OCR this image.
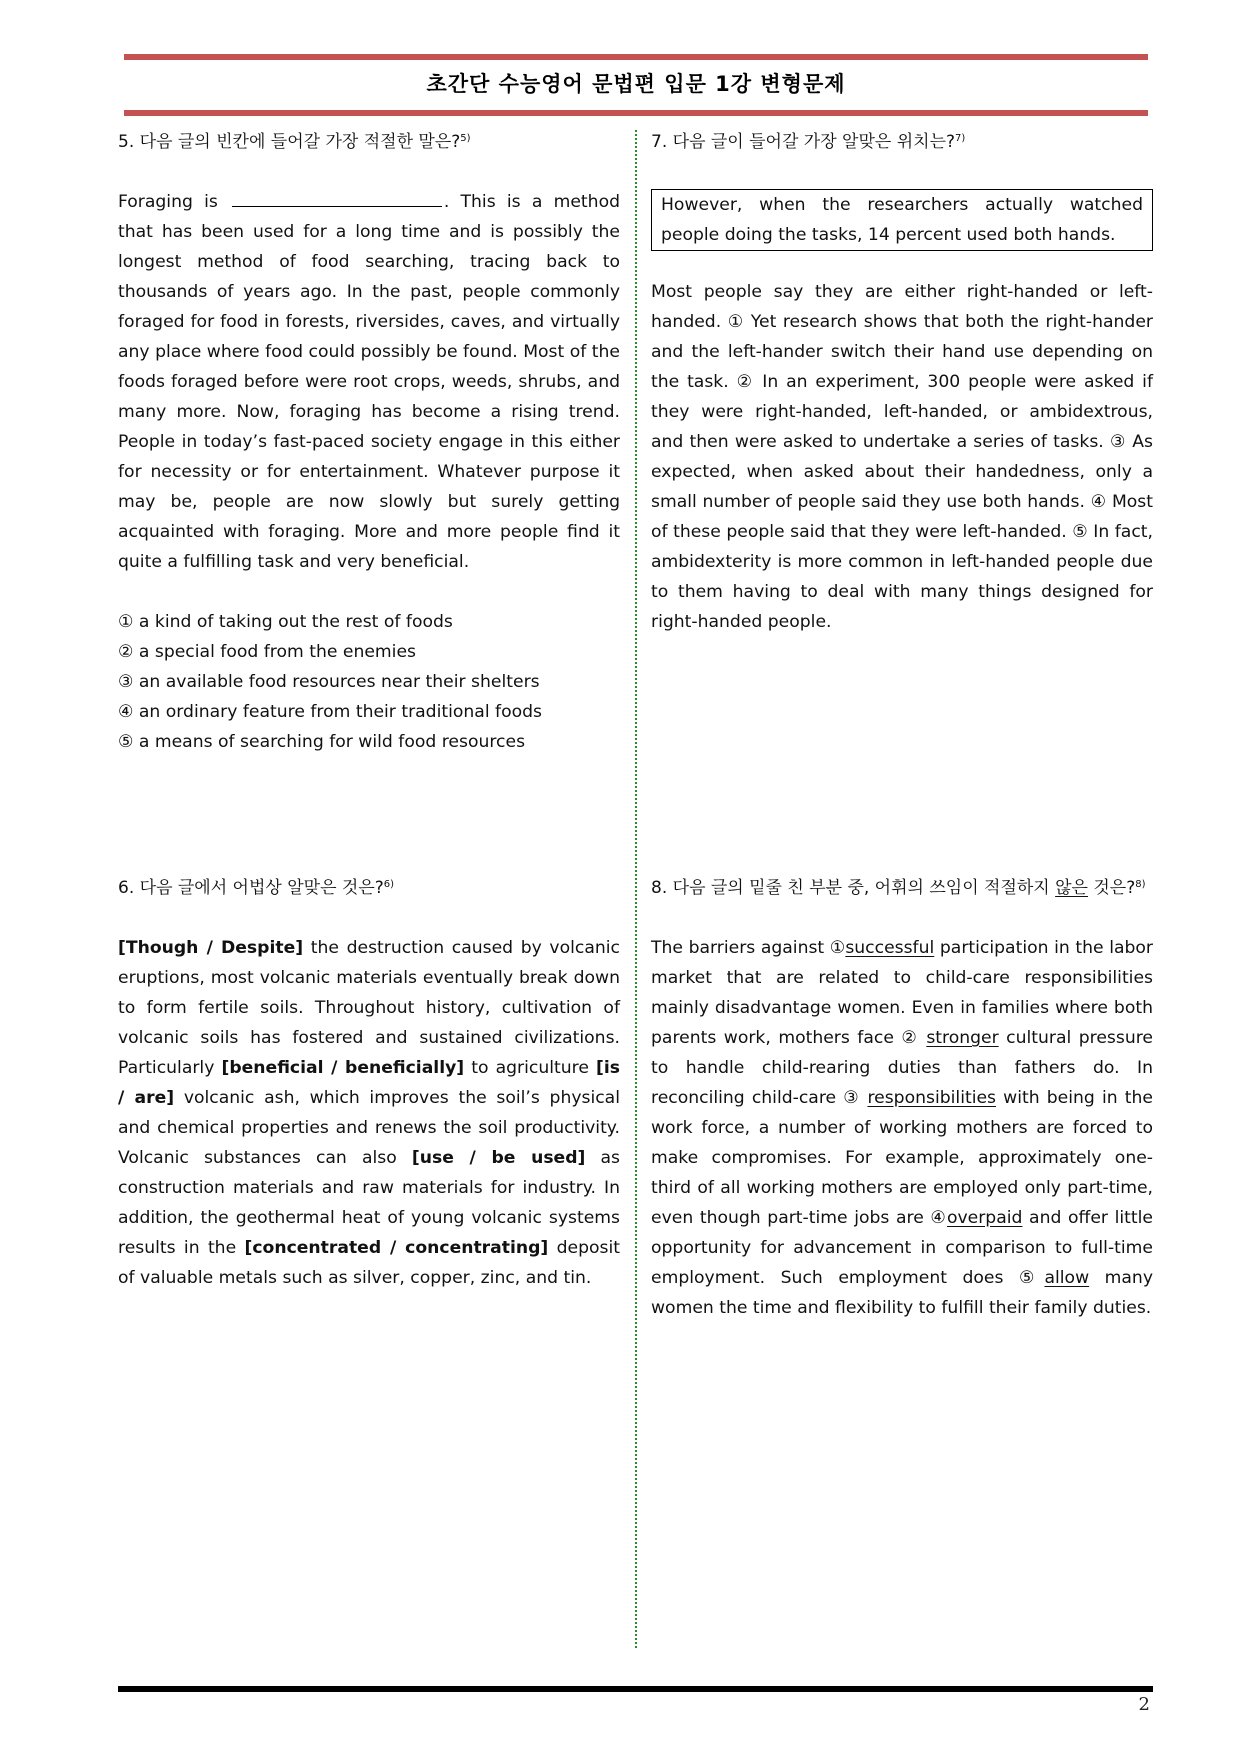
초간단 수능영어 문법편 입문 1강 변형문제

5. 다음 글의 빈칸에 들어갈 가장 적절한 말은?$^{5)}$

Foraging is	. This is a method that has been used for a long time and is possibly the longest method of food searching, tracing back to thousands of years ago. In the past, people commonly foraged for food in forests, riversides, caves, and virtually any place where food could possibly be found. Most of the foods foraged before were root crops, weeds, shrubs, and many more. Now, foraging has become a rising trend. People in today’s fast-paced society engage in this either for necessity or for entertainment. Whatever purpose it may be, people are now slowly but surely getting acquainted with foraging. More and more people find it quite a fulfilling task and very beneficial.

① a kind of taking out the rest of foods
② a special food from the enemies
③ an available food resources near their shelters
④ an ordinary feature from their traditional foods
⑤ a means of searching for wild food resources

6. 다음 글에서 어법상 알맞은 것은?$^{6)}$

[Though / Despite] the destruction caused by volcanic eruptions, most volcanic materials eventually break down to form fertile soils. Throughout history, cultivation of volcanic soils has fostered and sustained civilizations. Particularly [beneficial / beneficially] to agriculture [is / are] volcanic ash, which improves the soil’s physical and chemical properties and renews the soil productivity. Volcanic substances can also [use / be used] as construction materials and raw materials for industry. In addition, the geothermal heat of young volcanic systems results in the [concentrated / concentrating] deposit of valuable metals such as silver, copper, zinc, and tin.

7. 다음 글이 들어갈 가장 알맞은 위치는?$^{7)}$

However, when the researchers actually watched people doing the tasks, 14 percent used both hands.

Most people say they are either right-handed or left-handed. ① Yet research shows that both the right-hander and the left-hander switch their hand use depending on the task. ② In an experiment, 300 people were asked if they were right-handed, left-handed, or ambidextrous, and then were asked to undertake a series of tasks. ③ As expected, when asked about their handedness, only a small number of people said they use both hands. ④ Most of these people said that they were left-handed. ⑤ In fact, ambidexterity is more common in left-handed people due to them having to deal with many things designed for right-handed people.

8. 다음 글의 밑줄 친 부분 중, 어휘의 쓰임이 적절하지 않은 것은?$^{8)}$

The barriers against ①successful participation in the labor market that are related to child-care responsibilities mainly disadvantage women. Even in families where both parents work, mothers face ② stronger cultural pressure to handle child-rearing duties than fathers do. In reconciling child-care ③ responsibilities with being in the work force, a number of working mothers are forced to make compromises. For example, approximately one-third of all working mothers are employed only part-time, even though part-time jobs are ④overpaid and offer little opportunity for advancement in comparison to full-time employment. Such employment does ⑤allow many women the time and flexibility to fulfill their family duties.

2
